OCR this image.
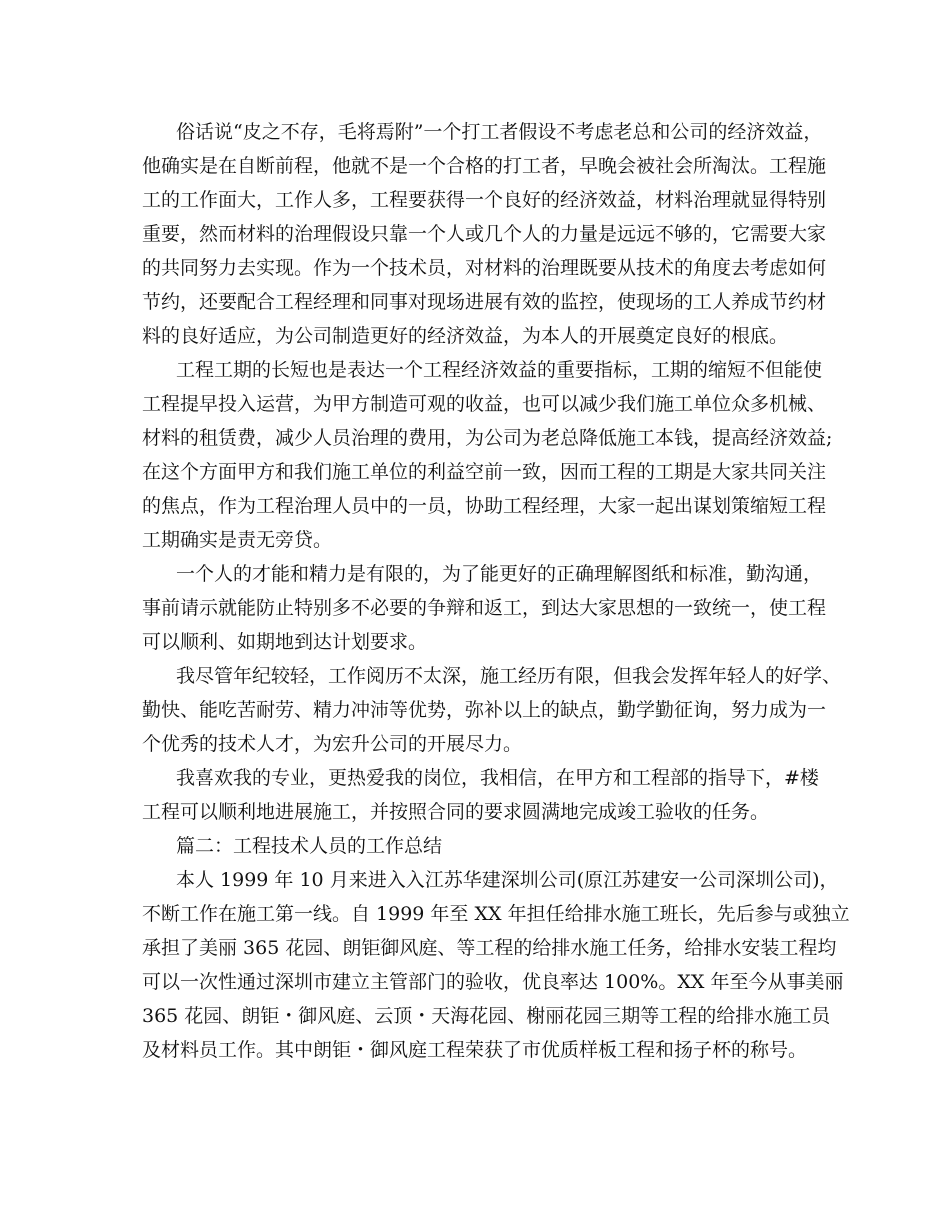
俗话说“皮之不存，毛将焉附”一个打工者假设不考虑老总和公司的经济效益，
他确实是在自断前程，他就不是一个合格的打工者，早晚会被社会所淘汰。工程施
工的工作面大，工作人多，工程要获得一个良好的经济效益，材料治理就显得特别
重要，然而材料的治理假设只靠一个人或几个人的力量是远远不够的，它需要大家
的共同努力去实现。作为一个技术员，对材料的治理既要从技术的角度去考虑如何
节约，还要配合工程经理和同事对现场进展有效的监控，使现场的工人养成节约材
料的良好适应，为公司制造更好的经济效益，为本人的开展奠定良好的根底。
工程工期的长短也是表达一个工程经济效益的重要指标，工期的缩短不但能使
工程提早投入运营，为甲方制造可观的收益，也可以减少我们施工单位众多机械、
材料的租赁费，减少人员治理的费用，为公司为老总降低施工本钱，提高经济效益;
在这个方面甲方和我们施工单位的利益空前一致，因而工程的工期是大家共同关注
的焦点，作为工程治理人员中的一员，协助工程经理，大家一起出谋划策缩短工程
工期确实是责无旁贷。
一个人的才能和精力是有限的，为了能更好的正确理解图纸和标准，勤沟通，
事前请示就能防止特别多不必要的争辩和返工，到达大家思想的一致统一，使工程
可以顺利、如期地到达计划要求。
我尽管年纪较轻，工作阅历不太深，施工经历有限，但我会发挥年轻人的好学、
勤快、能吃苦耐劳、精力冲沛等优势，弥补以上的缺点，勤学勤征询，努力成为一
个优秀的技术人才，为宏升公司的开展尽力。
我喜欢我的专业，更热爱我的岗位，我相信，在甲方和工程部的指导下，#楼
工程可以顺利地进展施工，并按照合同的要求圆满地完成竣工验收的任务。
篇二：工程技术人员的工作总结
本人 1999 年 10 月来进入入江苏华建深圳公司(原江苏建安一公司深圳公司)，
不断工作在施工第一线。自 1999 年至 XX 年担任给排水施工班长，先后参与或独立
承担了美丽 365 花园、朗钜御风庭、等工程的给排水施工任务，给排水安装工程均
可以一次性通过深圳市建立主管部门的验收，优良率达 100%。XX 年至今从事美丽
365 花园、朗钜・御风庭、云顶・天海花园、榭丽花园三期等工程的给排水施工员
及材料员工作。其中朗钜・御风庭工程荣获了市优质样板工程和扬子杯的称号。
